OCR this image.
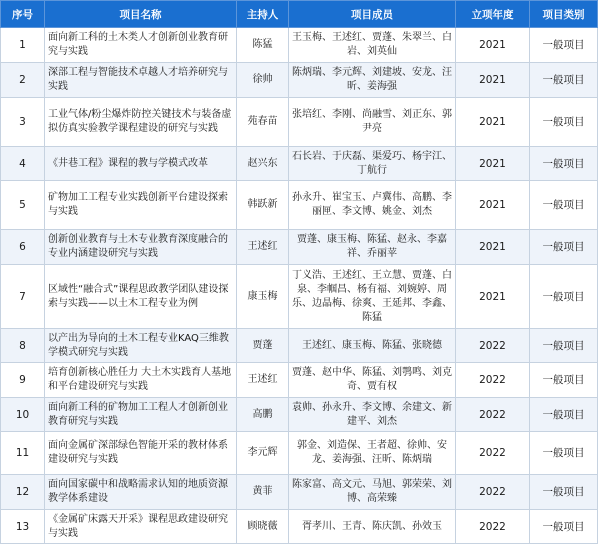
序号	项目名称	主持人	项目成员	立项年度	项目类别
1	面向新工科的土木类人才创新创业教育研究与实践	陈猛	王玉梅、王述红、贾蓬、朱翠兰、白岩、刘英仙	2021	一般项目
2	深部工程与智能技术卓越人才培养研究与实践	徐帅	陈炳瑞、李元辉、刘建坡、安龙、汪昕、姜海强	2021	一般项目
3	工业气体/粉尘爆炸防控关键技术与装备虚拟仿真实验教学课程建设的研究与实践	苑春苗	张培红、李刚、尚融雪、刘正东、郭尹亮	2021	一般项目
4	《井巷工程》课程的教与学模式改革	赵兴东	石长岩、于庆磊、渠爱巧、杨宇江、丁航行	2021	一般项目
5	矿物加工工程专业实践创新平台建设探索与实践	韩跃新	孙永升、崔宝玉、卢冀伟、高鹏、李丽匣、李文博、姚金、刘杰	2021	一般项目
6	创新创业教育与土木专业教育深度融合的专业内涵建设研究与实践	王述红	贾蓬、康玉梅、陈猛、赵永、李嘉祥、乔丽苹	2021	一般项目
7	区域性“融合式”课程思政教学团队建设探索与实践——以土木工程专业为例	康玉梅	丁义浩、王述红、王立慧、贾蓬、白泉、李帼昌、杨有福、刘婉婷、周乐、边晶梅、徐爽、王延邦、李鑫、陈猛	2021	一般项目
8	以产出为导向的土木工程专业KAQ三维教学模式研究与实践	贾蓬	王述红、康玉梅、陈猛、张晓德	2022	一般项目
9	培育创新核心胜任力 大土木实践育人基地和平台建设研究与实践	王述红	贾蓬、赵中华、陈猛、刘鹗鸣、刘克奇、贾有权	2022	一般项目
10	面向新工科的矿物加工工程人才创新创业教育研究与实践	高鹏	袁帅、孙永升、李文博、余建文、新建平、刘杰	2022	一般项目
11	面向金属矿深部绿色智能开采的教材体系建设研究与实践	李元辉	郭金、刘造保、王者超、徐帅、安龙、姜海强、汪昕、陈炳瑞	2022	一般项目
12	面向国家碳中和战略需求认知的地质资源教学体系建设	黄菲	陈家富、高文元、马旭、郭荣荣、刘博、高荣臻	2022	一般项目
13	《金属矿床露天开采》课程思政建设研究与实践	顾晓薇	胥孝川、王青、陈庆凯、孙效玉	2022	一般项目
